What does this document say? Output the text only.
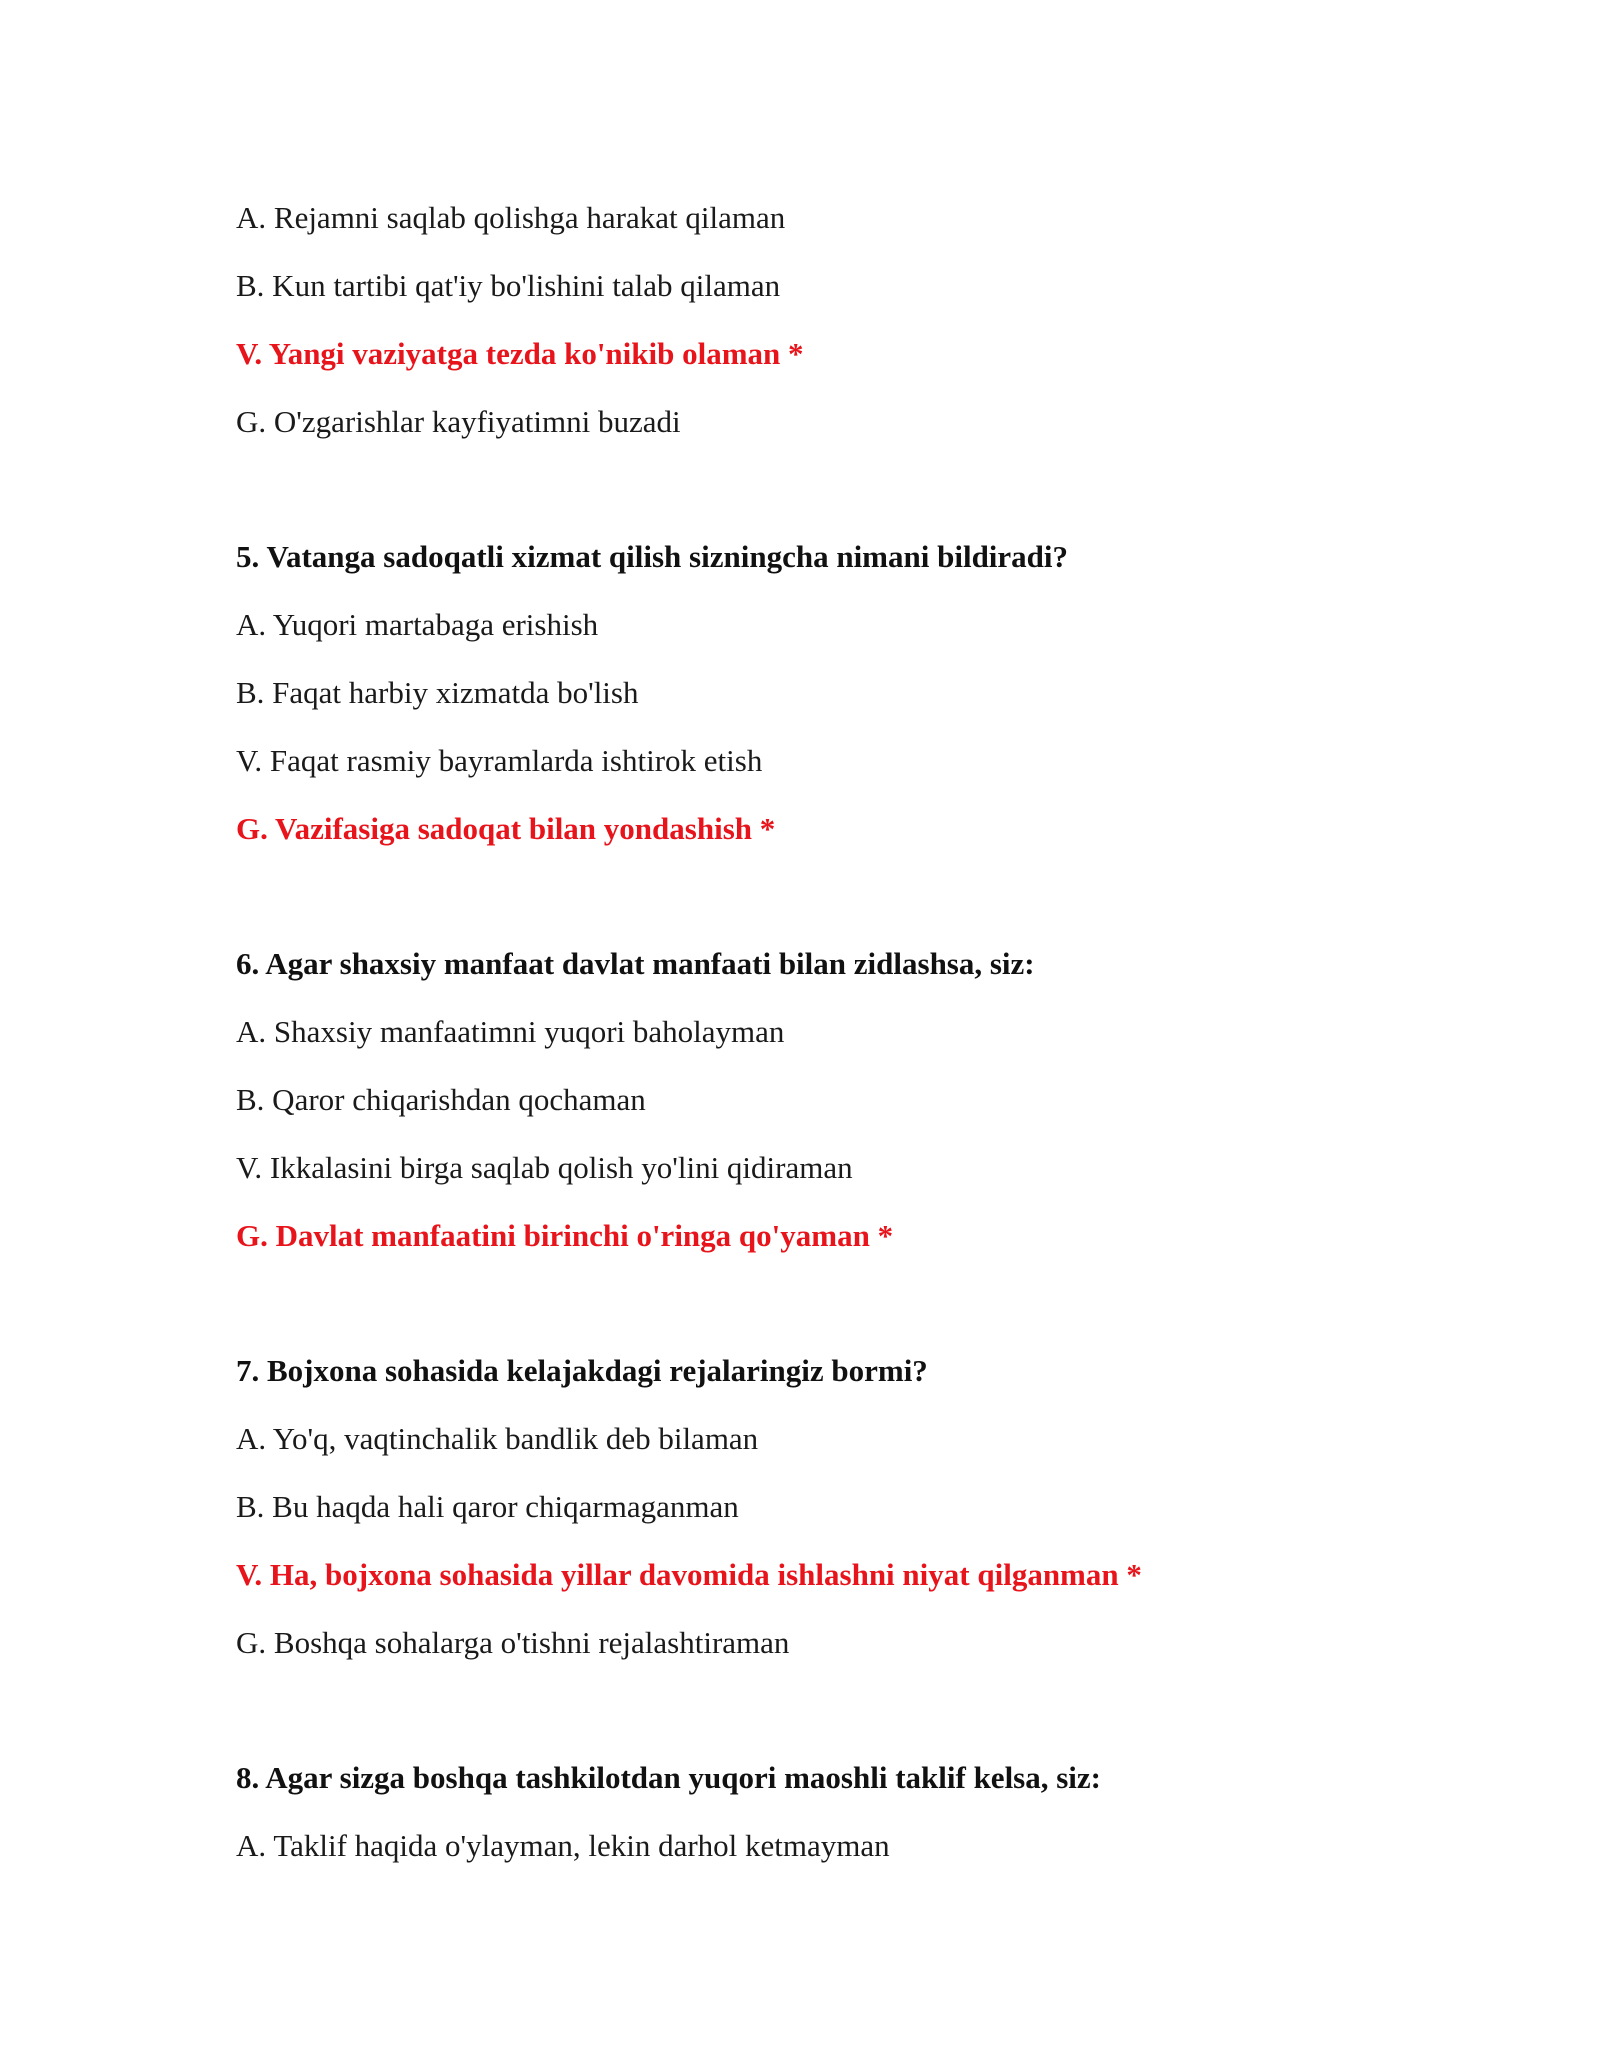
A. Rejamni saqlab qolishga harakat qilaman
B. Kun tartibi qat'iy bo'lishini talab qilaman
V. Yangi vaziyatga tezda ko'nikib olaman *
G. O'zgarishlar kayfiyatimni buzadi
5. Vatanga sadoqatli xizmat qilish sizningcha nimani bildiradi?
A. Yuqori martabaga erishish
B. Faqat harbiy xizmatda bo'lish
V. Faqat rasmiy bayramlarda ishtirok etish
G. Vazifasiga sadoqat bilan yondashish *
6. Agar shaxsiy manfaat davlat manfaati bilan zidlashsa, siz:
A. Shaxsiy manfaatimni yuqori baholayman
B. Qaror chiqarishdan qochaman
V. Ikkalasini birga saqlab qolish yo'lini qidiraman
G. Davlat manfaatini birinchi o'ringa qo'yaman *
7. Bojxona sohasida kelajakdagi rejalaringiz bormi?
A. Yo'q, vaqtinchalik bandlik deb bilaman
B. Bu haqda hali qaror chiqarmaganman
V. Ha, bojxona sohasida yillar davomida ishlashni niyat qilganman *
G. Boshqa sohalarga o'tishni rejalashtiraman
8. Agar sizga boshqa tashkilotdan yuqori maoshli taklif kelsa, siz:
A. Taklif haqida o'ylayman, lekin darhol ketmayman
